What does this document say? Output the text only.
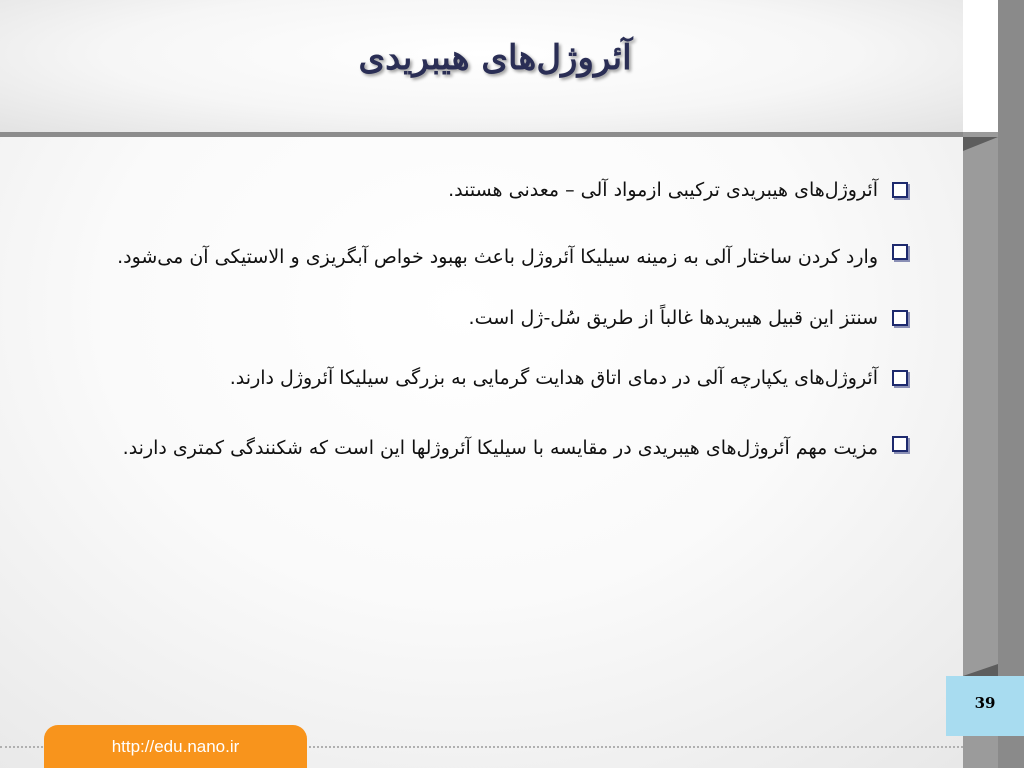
آئروژل‌های هیبریدی
آئروژل‌های هیبریدی ترکیبی ازمواد آلی – معدنی هستند.
وارد کردن ساختار آلی به زمینه سیلیکا آئروژل باعث بهبود خواص آبگریزی و الاستیکی آن می‌شود.
سنتز این قبیل هیبریدها غالباً از طریق سُل-ژل است.
آئروژل‌های یکپارچه آلی در دمای اتاق هدایت گرمایی به بزرگی سیلیکا آئروژل دارند.
مزیت مهم آئروژل‌های هیبریدی در مقایسه با سیلیکا آئروژلها این است که شکنندگی کمتری دارند.
39
http://edu.nano.ir
